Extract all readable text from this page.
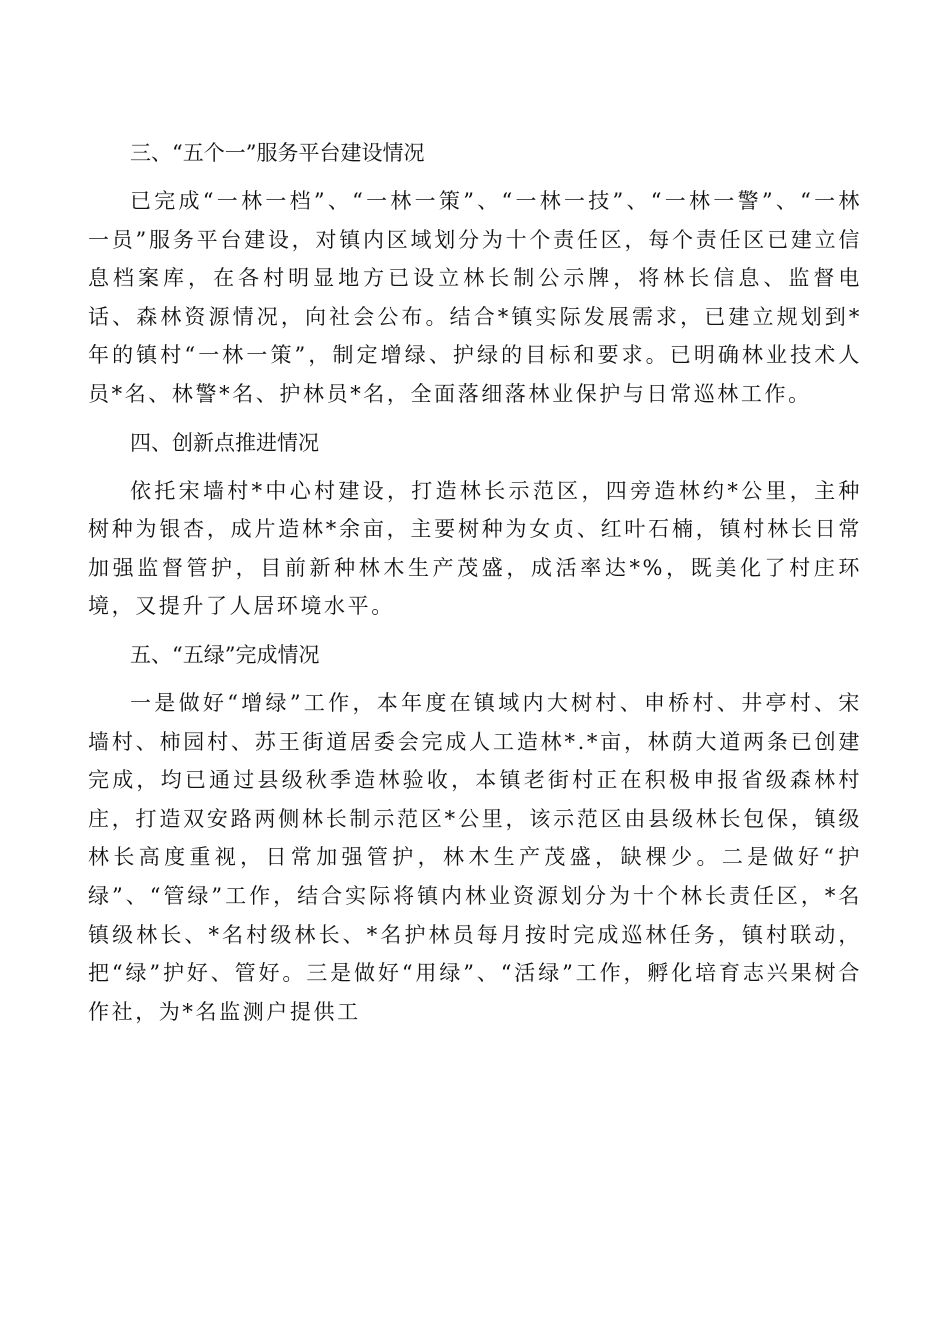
三、“五个一”服务平台建设情况

已完成“一林一档”、“一林一策”、“一林一技”、“一林一警”、“一林一员”服务平台建设，对镇内区域划分为十个责任区，每个责任区已建立信息档案库，在各村明显地方已设立林长制公示牌，将林长信息、监督电话、森林资源情况，向社会公布。结合*镇实际发展需求，已建立规划到*年的镇村“一林一策”，制定增绿、护绿的目标和要求。已明确林业技术人员*名、林警*名、护林员*名，全面落细落林业保护与日常巡林工作。

四、创新点推进情况

依托宋墙村*中心村建设，打造林长示范区，四旁造林约*公里，主种树种为银杏，成片造林*余亩，主要树种为女贞、红叶石楠，镇村林长日常加强监督管护，目前新种林木生产茂盛，成活率达*%，既美化了村庄环境，又提升了人居环境水平。

五、“五绿”完成情况

一是做好“增绿”工作，本年度在镇域内大树村、申桥村、井亭村、宋墙村、柿园村、苏王街道居委会完成人工造林*.*亩，林荫大道两条已创建完成，均已通过县级秋季造林验收，本镇老街村正在积极申报省级森林村庄，打造双安路两侧林长制示范区*公里，该示范区由县级林长包保，镇级林长高度重视，日常加强管护，林木生产茂盛，缺棵少。二是做好“护绿”、“管绿”工作，结合实际将镇内林业资源划分为十个林长责任区，*名镇级林长、*名村级林长、*名护林员每月按时完成巡林任务，镇村联动，把“绿”护好、管好。三是做好“用绿”、“活绿”工作，孵化培育志兴果树合作社，为*名监测户提供工
